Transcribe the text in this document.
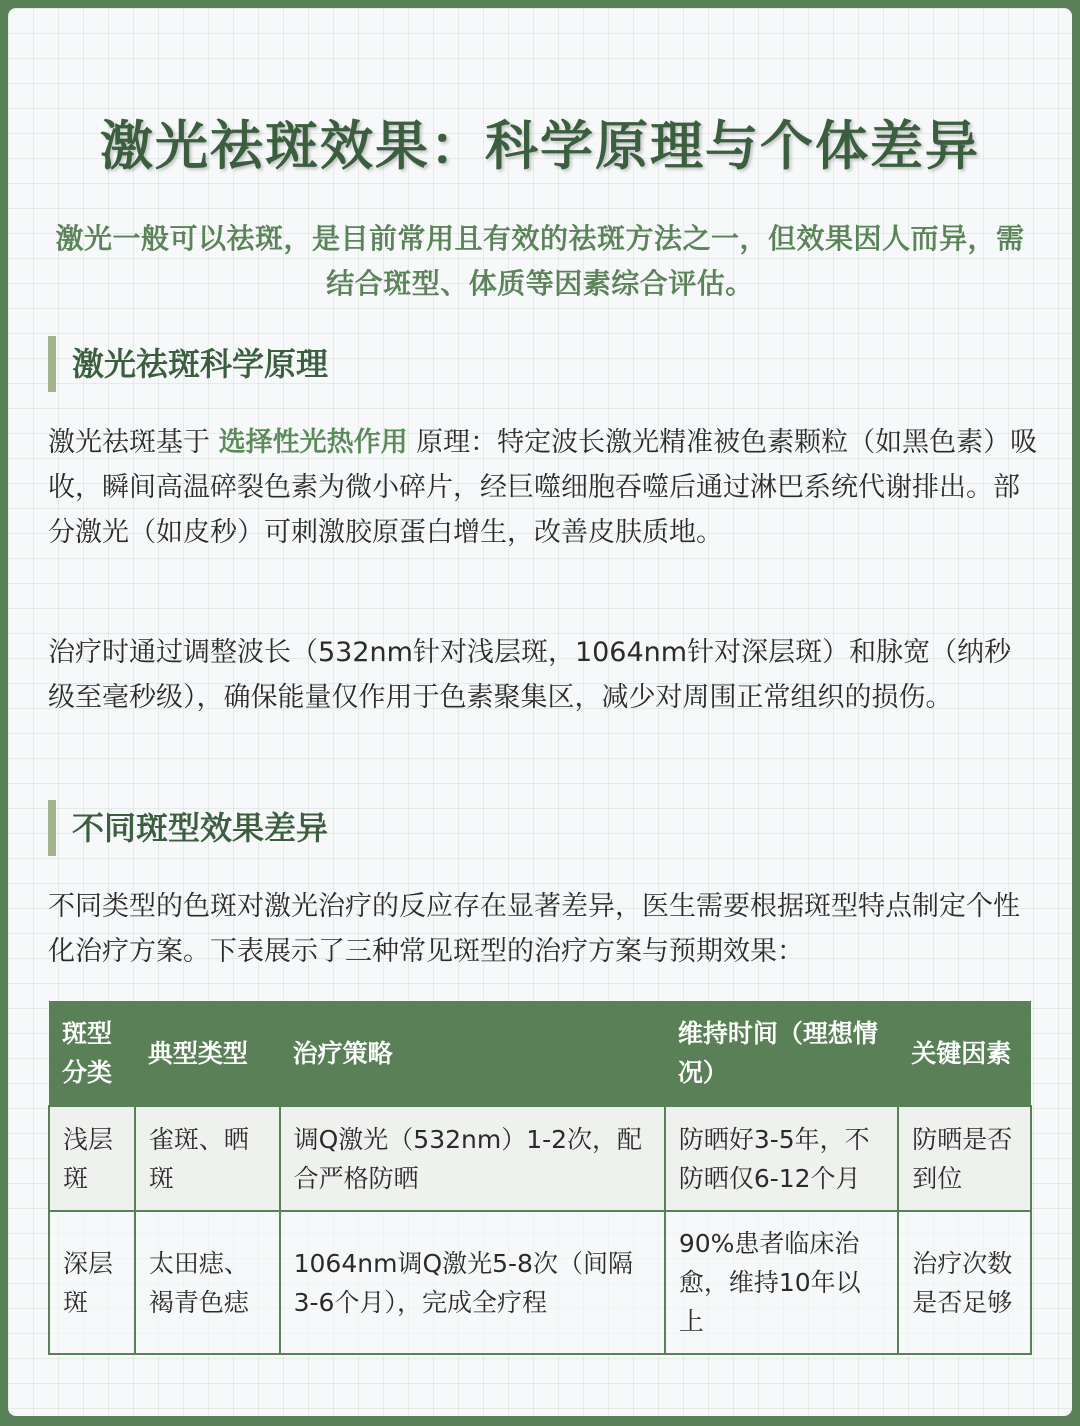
激光祛斑效果：科学原理与个体差异

激光一般可以祛斑，是目前常用且有效的祛斑方法之一，但效果因人而异，需结合斑型、体质等因素综合评估。

激光祛斑科学原理

激光祛斑基于 选择性光热作用 原理：特定波长激光精准被色素颗粒（如黑色素）吸收，瞬间高温碎裂色素为微小碎片，经巨噬细胞吞噬后通过淋巴系统代谢排出。部分激光（如皮秒）可刺激胶原蛋白增生，改善皮肤质地。

治疗时通过调整波长（532nm针对浅层斑，1064nm针对深层斑）和脉宽（纳秒级至毫秒级），确保能量仅作用于色素聚集区，减少对周围正常组织的损伤。

不同斑型效果差异

不同类型的色斑对激光治疗的反应存在显著差异，医生需要根据斑型特点制定个性化治疗方案。下表展示了三种常见斑型的治疗方案与预期效果：

斑型分类	典型类型	治疗策略	维持时间（理想情况）	关键因素
浅层斑	雀斑、晒斑	调Q激光（532nm）1-2次，配合严格防晒	防晒好3-5年，不防晒仅6-12个月	防晒是否到位
深层斑	太田痣、褐青色痣	1064nm调Q激光5-8次（间隔3-6个月），完成全疗程	90%患者临床治愈，维持10年以上	治疗次数是否足够
